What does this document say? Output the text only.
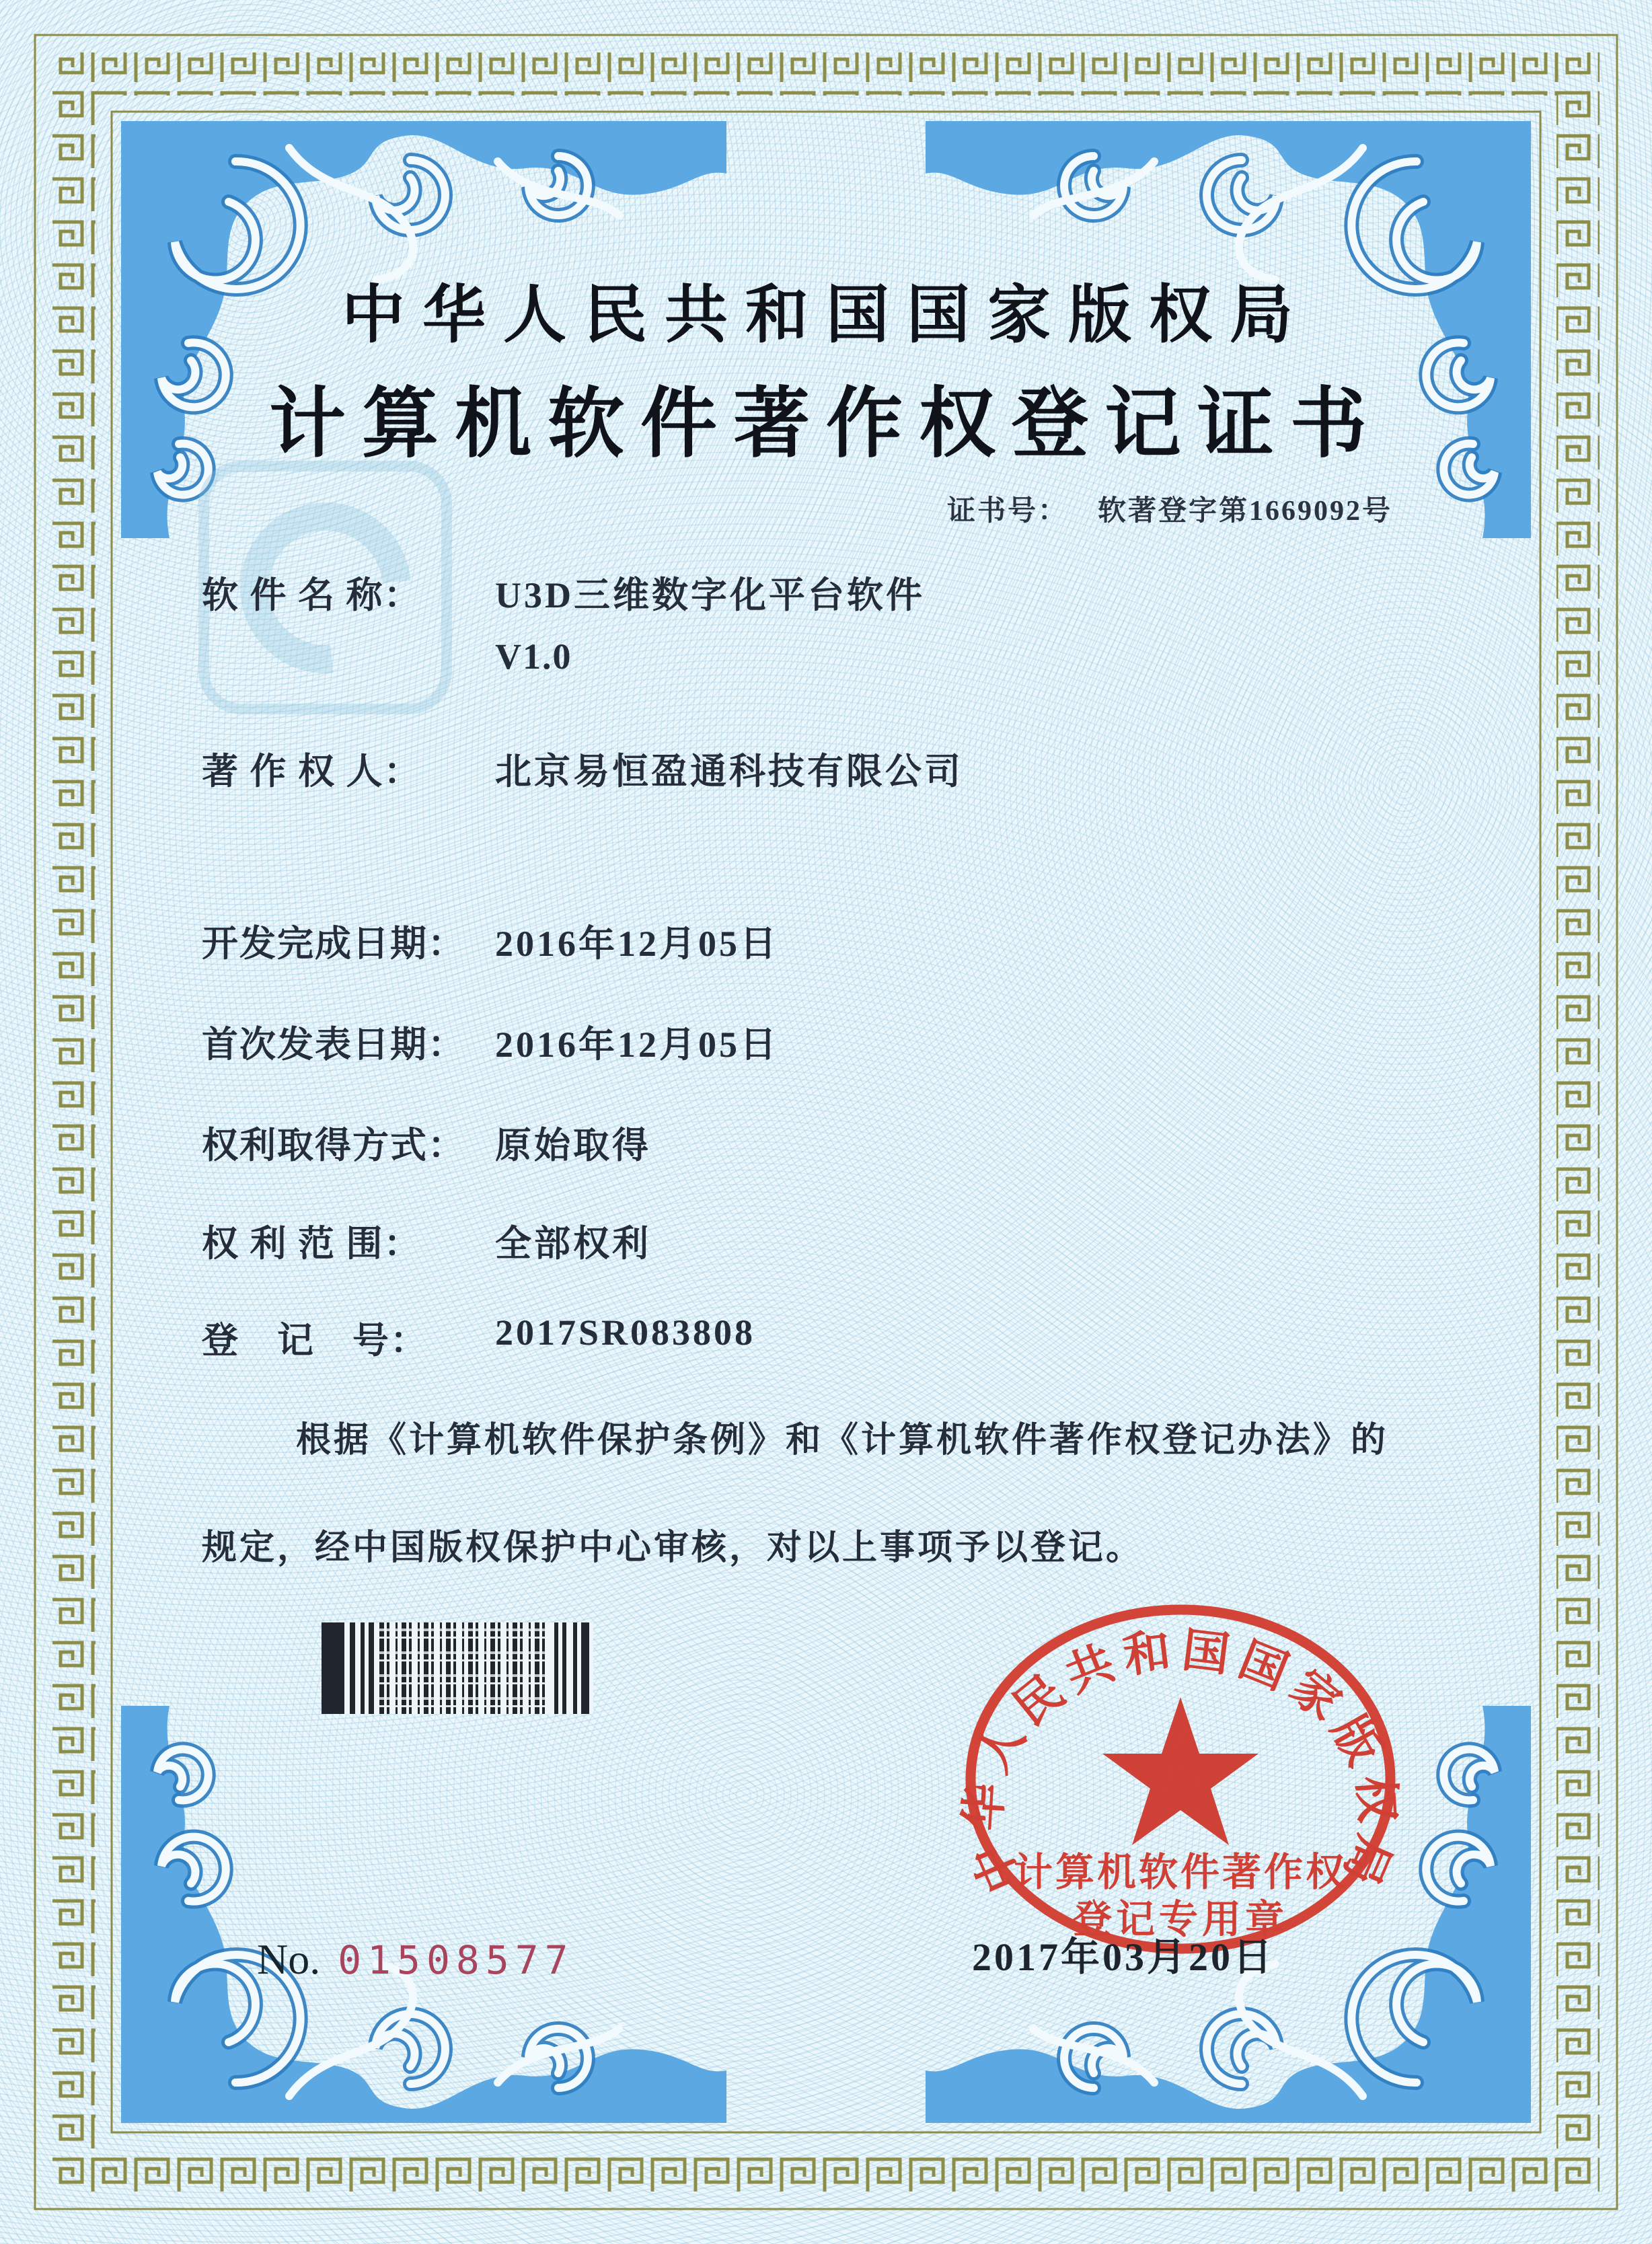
中华人民共和国国家版权局
计算机软件著作权登记证书
证书号： 软著登字第1669092号
软 件 名 称：	U3D三维数字化平台软件
V1.0
著 作 权 人：	北京易恒盈通科技有限公司
开发完成日期： 2016年12月05日
首次发表日期： 2016年12月05日
权利取得方式： 原始取得
权 利 范 围：	全部权利
登　记　号：	2017SR083808
根据《计算机软件保护条例》和《计算机软件著作权登记办法》的
规定，经中国版权保护中心审核，对以上事项予以登记。
中华人民共和国国家版权局
计算机软件著作权
登记专用章
2017年03月20日
No. 01508577
